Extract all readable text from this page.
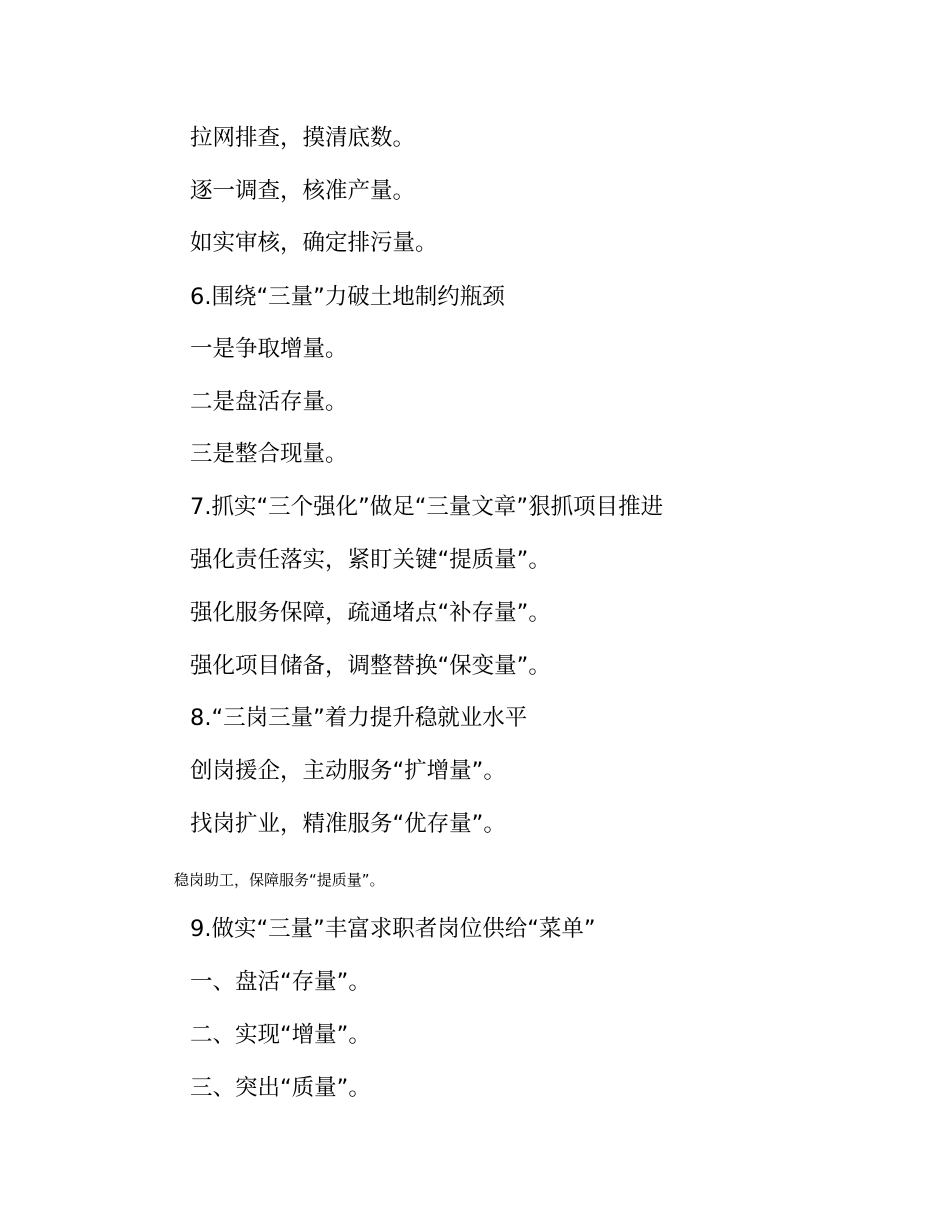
拉网排查，摸清底数。
逐一调查，核准产量。
如实审核，确定排污量。
6.围绕“三量”力破土地制约瓶颈
一是争取增量。
二是盘活存量。
三是整合现量。
7.抓实“三个强化”做足“三量文章”狠抓项目推进
强化责任落实，紧盯关键“提质量”。
强化服务保障，疏通堵点“补存量”。
强化项目储备，调整替换“保变量”。
8.“三岗三量”着力提升稳就业水平
创岗援企，主动服务“扩增量”。
找岗扩业，精准服务“优存量”。
稳岗助工，保障服务“提质量”。
9.做实“三量”丰富求职者岗位供给“菜单”
一、盘活“存量”。
二、实现“增量”。
三、突出“质量”。
